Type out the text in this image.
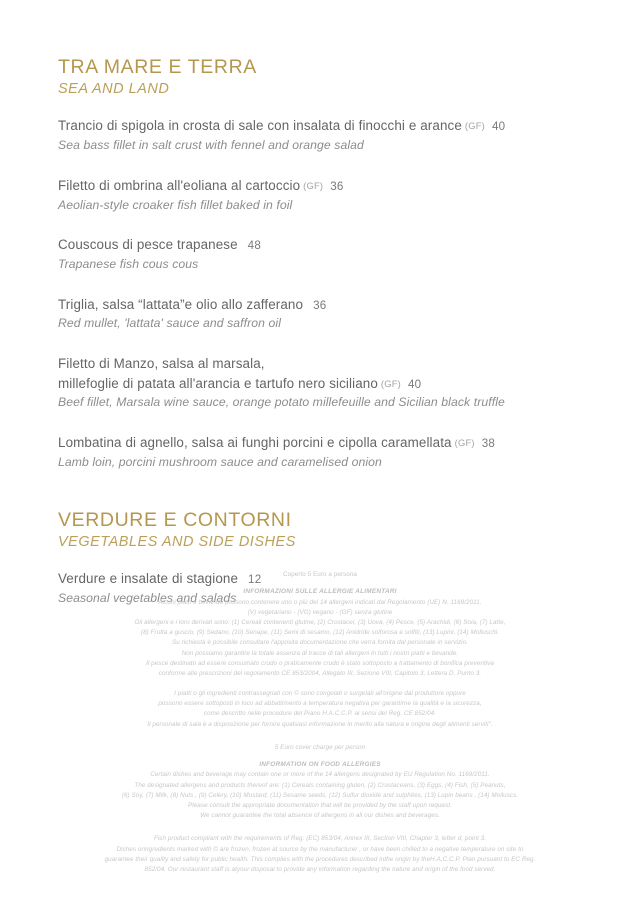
TRA MARE E TERRA
SEA AND LAND

Trancio di spigola in crosta di sale con insalata di finocchi e arance (GF) 40

Sea bass fillet in salt crust with fennel and orange salad

Filetto di ombrina all'eoliana al cartoccio (GF) 36

Aeolian-style croaker fish fillet baked in foil

Couscous di pesce trapanese 48

Trapanese fish cous cous

Triglia, salsa “lattata”e olio allo zafferano 36

Red mullet, 'lattata' sauce and saffron oil

Filetto di Manzo, salsa al marsala,

millefoglie di patata all'arancia e tartufo nero siciliano (GF) 40

Beef fillet, Marsala wine sauce, orange potato millefeuille and Sicilian black truffle

Lombatina di agnello, salsa ai funghi porcini e cipolla caramellata (GF) 38

Lamb loin, porcini mushroom sauce and caramelised onion

VERDURE E CONTORNI
VEGETABLES AND SIDE DISHES

Verdure e insalate di stagione 12

Seasonal vegetables and salads

Coperto 5 Euro a persona

INFORMAZIONI SULLE ALLERGIE ALIMENTARI

Alcuni piatti e bevande possono contenere uno o più dei 14 allergeni indicati dal Regolamento (UE) N. 1169/2011.

(V) vegetariano - (VG) vegano - (GF) senza glutine

Gli allergeni e i loro derivati sono: (1) Cereali contenenti glutine, (2) Crostacei, (3) Uova, (4) Pesce, (5) Arachidi, (6) Soia, (7) Latte,

(8) Frutta a guscio, (9) Sedano, (10) Senape, (11) Semi di sesamo, (12) Anidride solforosa e solfiti, (13) Lupini, (14) Molluschi.

Su richiesta è possibile consultare l'apposita documentazione che verrà fornita dal personale in servizio.

Non possiamo garantire la totale assenza di tracce di tali allergeni in tutti i nostri piatti e bevande.

Il pesce destinato ad essere consumato crudo o praticamente crudo è stato sottoposto a trattamento di bonifica preventiva

conforme alle prescrizioni del regolamento CE 853/2004, Allegato III, Sezione VIII, Capitolo 3, Lettera D, Punto 3.

I piatti o gli ingredienti contrassegnati con © sono congelati o surgelati all'origine dal produttore oppure

possono essere sottoposti in loco ad abbattimento a temperatura negativa per garantirne la qualità e la sicurezza,

come descritto nelle procedure del Piano H.A.C.C.P. ai sensi del Reg. CE 852/04.

Il personale di sala è a disposizione per fornire qualsiasi informazione in merito alla natura e origine degli alimenti serviti".

5 Euro cover charge per person

INFORMATION ON FOOD ALLERGIES

Certain dishes and beverage may contain one or more of the 14 allergens designated by EU Regulation No. 1169/2011.

The designated allergens and products thereof are: (1) Cereals containing gluten, (2) Crustaceans, (3) Eggs, (4) Fish, (5) Peanuts,

(6) Soy, (7) Milk, (8) Nuts , (9) Celery, (10) Mustard, (11) Sesame seeds, (12) Sulfur dioxide and sulphites, (13) Lupin beans , (14) Molluscs.

Please consult the appropriate documentation that will be provided by the staff upon request.

We cannot guarantee the total absence of allergens in all our dishes and beverages.

Fish product compliant with the requirements of Reg. (EC) 853/04, Annex III, Section VIII, Chapter 3, letter d, point 3.

Dishes oringredients marked with © are frozen, frozen at source by the manufacturer , or have been chilled to a negative temperature on site to

guarantee their quality and safety for public health. This complies with the procedures described inthe origin by theH.A.C.C.P. Plan pursuant to EC Reg.

852/04. Our restaurant staff is atyour disposal to provide any information regarding the nature and origin of the food served.
